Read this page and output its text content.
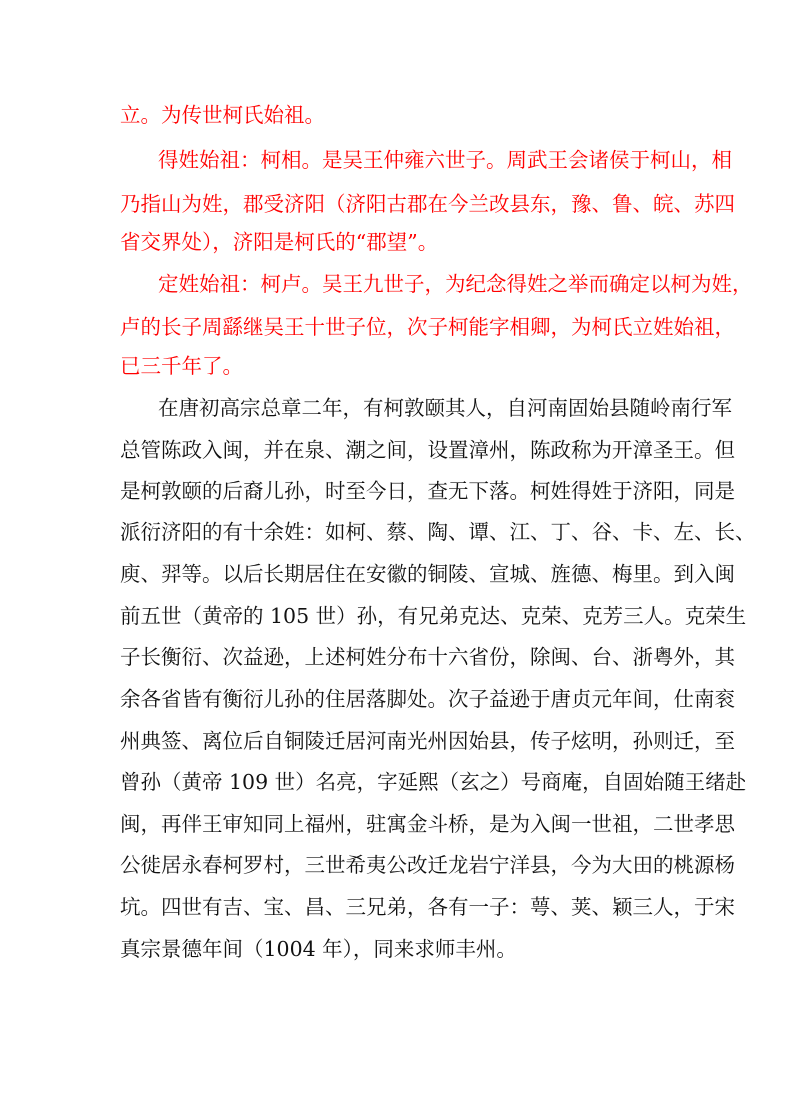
立。为传世柯氏始祖。
得姓始祖：柯相。是吴王仲雍六世子。周武王会诸侯于柯山，相
乃指山为姓，郡受济阳（济阳古郡在今兰改县东，豫、鲁、皖、苏四
省交界处），济阳是柯氏的“郡望”。
定姓始祖：柯卢。吴王九世子，为纪念得姓之举而确定以柯为姓，
卢的长子周繇继吴王十世子位，次子柯能字相卿，为柯氏立姓始祖，
已三千年了。
在唐初高宗总章二年，有柯敦颐其人，自河南固始县随岭南行军
总管陈政入闽，并在泉、潮之间，设置漳州，陈政称为开漳圣王。但
是柯敦颐的后裔儿孙，时至今日，查无下落。柯姓得姓于济阳，同是
派衍济阳的有十余姓：如柯、蔡、陶、谭、江、丁、谷、卡、左、长、
庾、羿等。以后长期居住在安徽的铜陵、宣城、旌德、梅里。到入闽
前五世（黄帝的 105 世）孙，有兄弟克达、克荣、克芳三人。克荣生
子长衡衍、次益逊，上述柯姓分布十六省份，除闽、台、浙粤外，其
余各省皆有衡衍儿孙的住居落脚处。次子益逊于唐贞元年间，仕南衮
州典签、离位后自铜陵迁居河南光州因始县，传子炫明，孙则迁，至
曾孙（黄帝 109 世）名亮，字延熙（玄之）号商庵，自固始随王绪赴
闽，再伴王审知同上福州，驻寓金斗桥，是为入闽一世祖，二世孝思
公徙居永春柯罗村，三世希夷公改迁龙岩宁洋县，今为大田的桃源杨
坑。四世有吉、宝、昌、三兄弟，各有一子：萼、荚、颖三人，于宋
真宗景德年间（1004 年），同来求师丰州。
